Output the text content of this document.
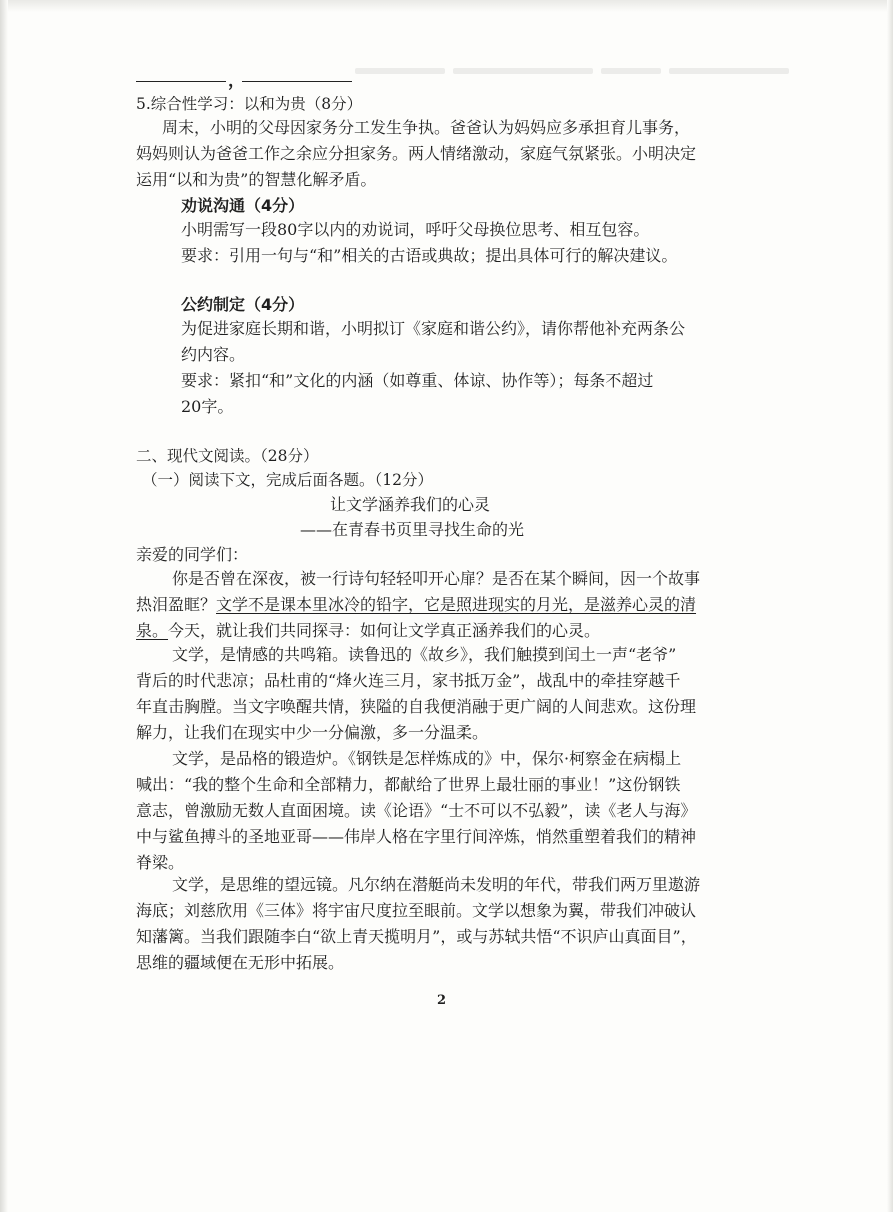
，
5.综合性学习：以和为贵（8分）
周末，小明的父母因家务分工发生争执。爸爸认为妈妈应多承担育儿事务，
妈妈则认为爸爸工作之余应分担家务。两人情绪激动，家庭气氛紧张。小明决定
运用“以和为贵”的智慧化解矛盾。
劝说沟通（4分）
小明需写一段80字以内的劝说词，呼吁父母换位思考、相互包容。
要求：引用一句与“和”相关的古语或典故；提出具体可行的解决建议。
公约制定（4分）
为促进家庭长期和谐，小明拟订《家庭和谐公约》，请你帮他补充两条公
约内容。
要求：紧扣“和”文化的内涵（如尊重、体谅、协作等）；每条不超过
20字。
二、现代文阅读。（28分）
（一）阅读下文，完成后面各题。（12分）
让文学涵养我们的心灵
——在青春书页里寻找生命的光
亲爱的同学们：
你是否曾在深夜，被一行诗句轻轻叩开心扉？是否在某个瞬间，因一个故事
热泪盈眶？文学不是课本里冰冷的铅字，它是照进现实的月光，是滋养心灵的清
泉。今天，就让我们共同探寻：如何让文学真正涵养我们的心灵。
文学，是情感的共鸣箱。读鲁迅的《故乡》，我们触摸到闰土一声“老爷”
背后的时代悲凉；品杜甫的“烽火连三月，家书抵万金”，战乱中的牵挂穿越千
年直击胸膛。当文字唤醒共情，狭隘的自我便消融于更广阔的人间悲欢。这份理
解力，让我们在现实中少一分偏激，多一分温柔。
文学，是品格的锻造炉。《钢铁是怎样炼成的》中，保尔·柯察金在病榻上
喊出：“我的整个生命和全部精力，都献给了世界上最壮丽的事业！”这份钢铁
意志，曾激励无数人直面困境。读《论语》“士不可以不弘毅”，读《老人与海》
中与鲨鱼搏斗的圣地亚哥——伟岸人格在字里行间淬炼，悄然重塑着我们的精神
脊梁。
文学，是思维的望远镜。凡尔纳在潜艇尚未发明的年代，带我们两万里遨游
海底；刘慈欣用《三体》将宇宙尺度拉至眼前。文学以想象为翼，带我们冲破认
知藩篱。当我们跟随李白“欲上青天揽明月”，或与苏轼共悟“不识庐山真面目”，
思维的疆域便在无形中拓展。
2
